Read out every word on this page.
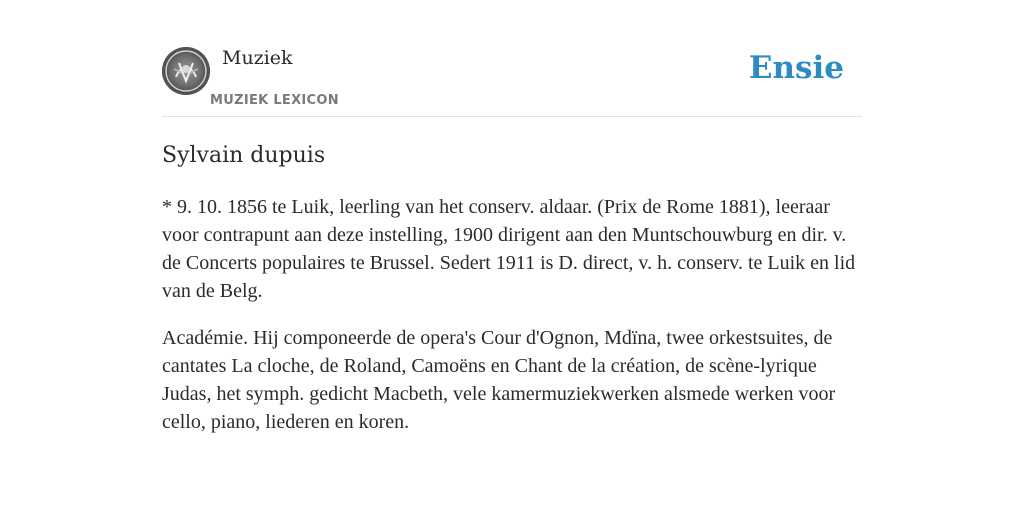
Muziek
MUZIEK LEXICON
Ensie
Sylvain dupuis

* 9. 10. 1856 te Luik, leerling van het conserv. aldaar. (Prix de Rome 1881), leeraar voor contrapunt aan deze instelling, 1900 dirigent aan den Muntschouwburg en dir. v. de Concerts populaires te Brussel. Sedert 1911 is D. direct, v. h. conserv. te Luik en lid van de Belg.

Académie. Hij componeerde de opera's Cour d'Ognon, Mdïna, twee orkestsuites, de cantates La cloche, de Roland, Camoëns en Chant de la création, de scène-lyrique Judas, het symph. gedicht Macbeth, vele kamermuziekwerken alsmede werken voor cello, piano, liederen en koren.
